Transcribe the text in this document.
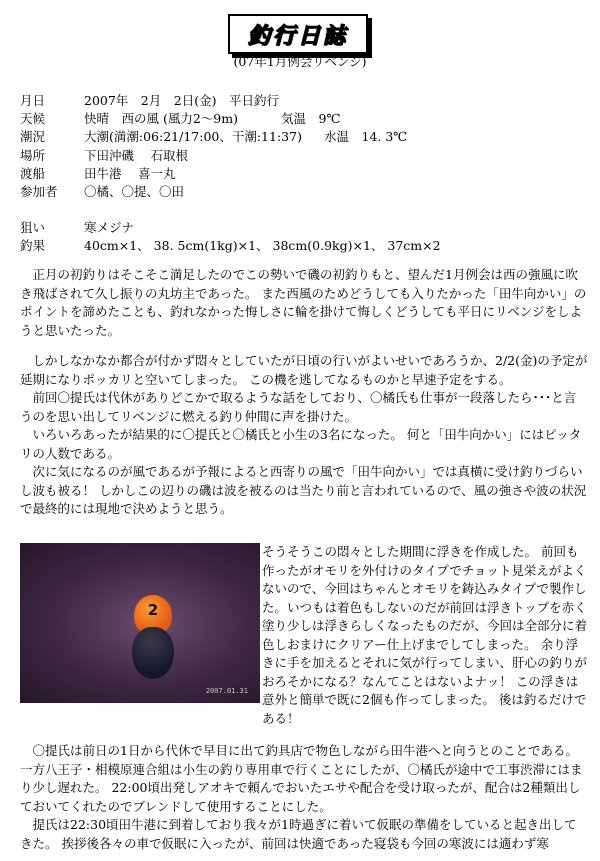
釣行日誌
(07年1月例会リベンジ)
月日	2007年　2月　2日(金)　平日釣行
天候	快晴　西の風 (風力2～9m)	気温　9℃
潮況	大潮(満潮:06:21/17:00、干潮:11:37) 水温　14. 3℃
場所	下田沖磯　 石取根
渡船	田牛港　 喜一丸
参加者 〇橘、〇提、〇田
狙い	寒メジナ
釣果	40cm×1、 38. 5cm(1kg)×1、 38cm(0.9kg)×1、 37cm×2

　正月の初釣りはそこそこ満足したのでこの勢いで磯の初釣りもと、望んだ1月例会は西の強風に吹き飛ばされて久し振りの丸坊主であった。 また西風のためどうしても入りたかった「田牛向かい」のポイントを諦めたことも、釣れなかった悔しさに輪を掛けて悔しくどうしても平日にリベンジをしようと思いたった。

　しかしなかなか都合が付かず悶々としていたが日頃の行いがよいせいであろうか、2/2(金)の予定が延期になりポッカリと空いてしまった。 この機を逃してなるものかと早速予定をする。

　前回〇提氏は代休がありどこかで取るような話をしており、〇橘氏も仕事が一段落したら･･･と言うのを思い出してリベンジに燃える釣り仲間に声を掛けた。

　いろいろあったが結果的に〇提氏と〇橘氏と小生の3名になった。 何と「田牛向かい」にはピッタリの人数である。

　次に気になるのが風であるが予報によると西寄りの風で「田牛向かい」では真横に受け釣りづらいし波も被る！ しかしこの辺りの磯は波を被るのは当たり前と言われているので、風の強さや波の状況で最終的には現地で決めようと思う。

2
2007.01.31

そうそうこの悶々とした期間に浮きを作成した。 前回も作ったがオモリを外付けのタイプでチョット見栄えがよくないので、今回はちゃんとオモリを鋳込みタイプで製作した。いつもは着色もしないのだが前回は浮きトップを赤く塗り少しは浮きらしくなったものだが、今回は全部分に着色しおまけにクリアー仕上げまでしてしまった。 余り浮きに手を加えるとそれに気が行ってしまい、肝心の釣りがおろそかになる？なんてことはないよナッ！ この浮きは意外と簡単で既に2個も作ってしまった。 後は釣るだけである！

　〇提氏は前日の1日から代休で早目に出て釣具店で物色しながら田牛港へと向うとのことである。 一方八王子・相模原連合組は小生の釣り専用車で行くことにしたが、〇橘氏が途中で工事渋滞にはまり少し遅れた。 22:00頃出発しアオキで頼んでおいたエサや配合を受け取ったが、配合は2種類出しておいてくれたのでブレンドして使用することにした。

　提氏は22:30頃田牛港に到着しており我々が1時過ぎに着いて仮眠の準備をしていると起き出してきた。 挨拶後各々の車で仮眠に入ったが、前回は快適であった寝袋も今回の寒波には適わず寒
